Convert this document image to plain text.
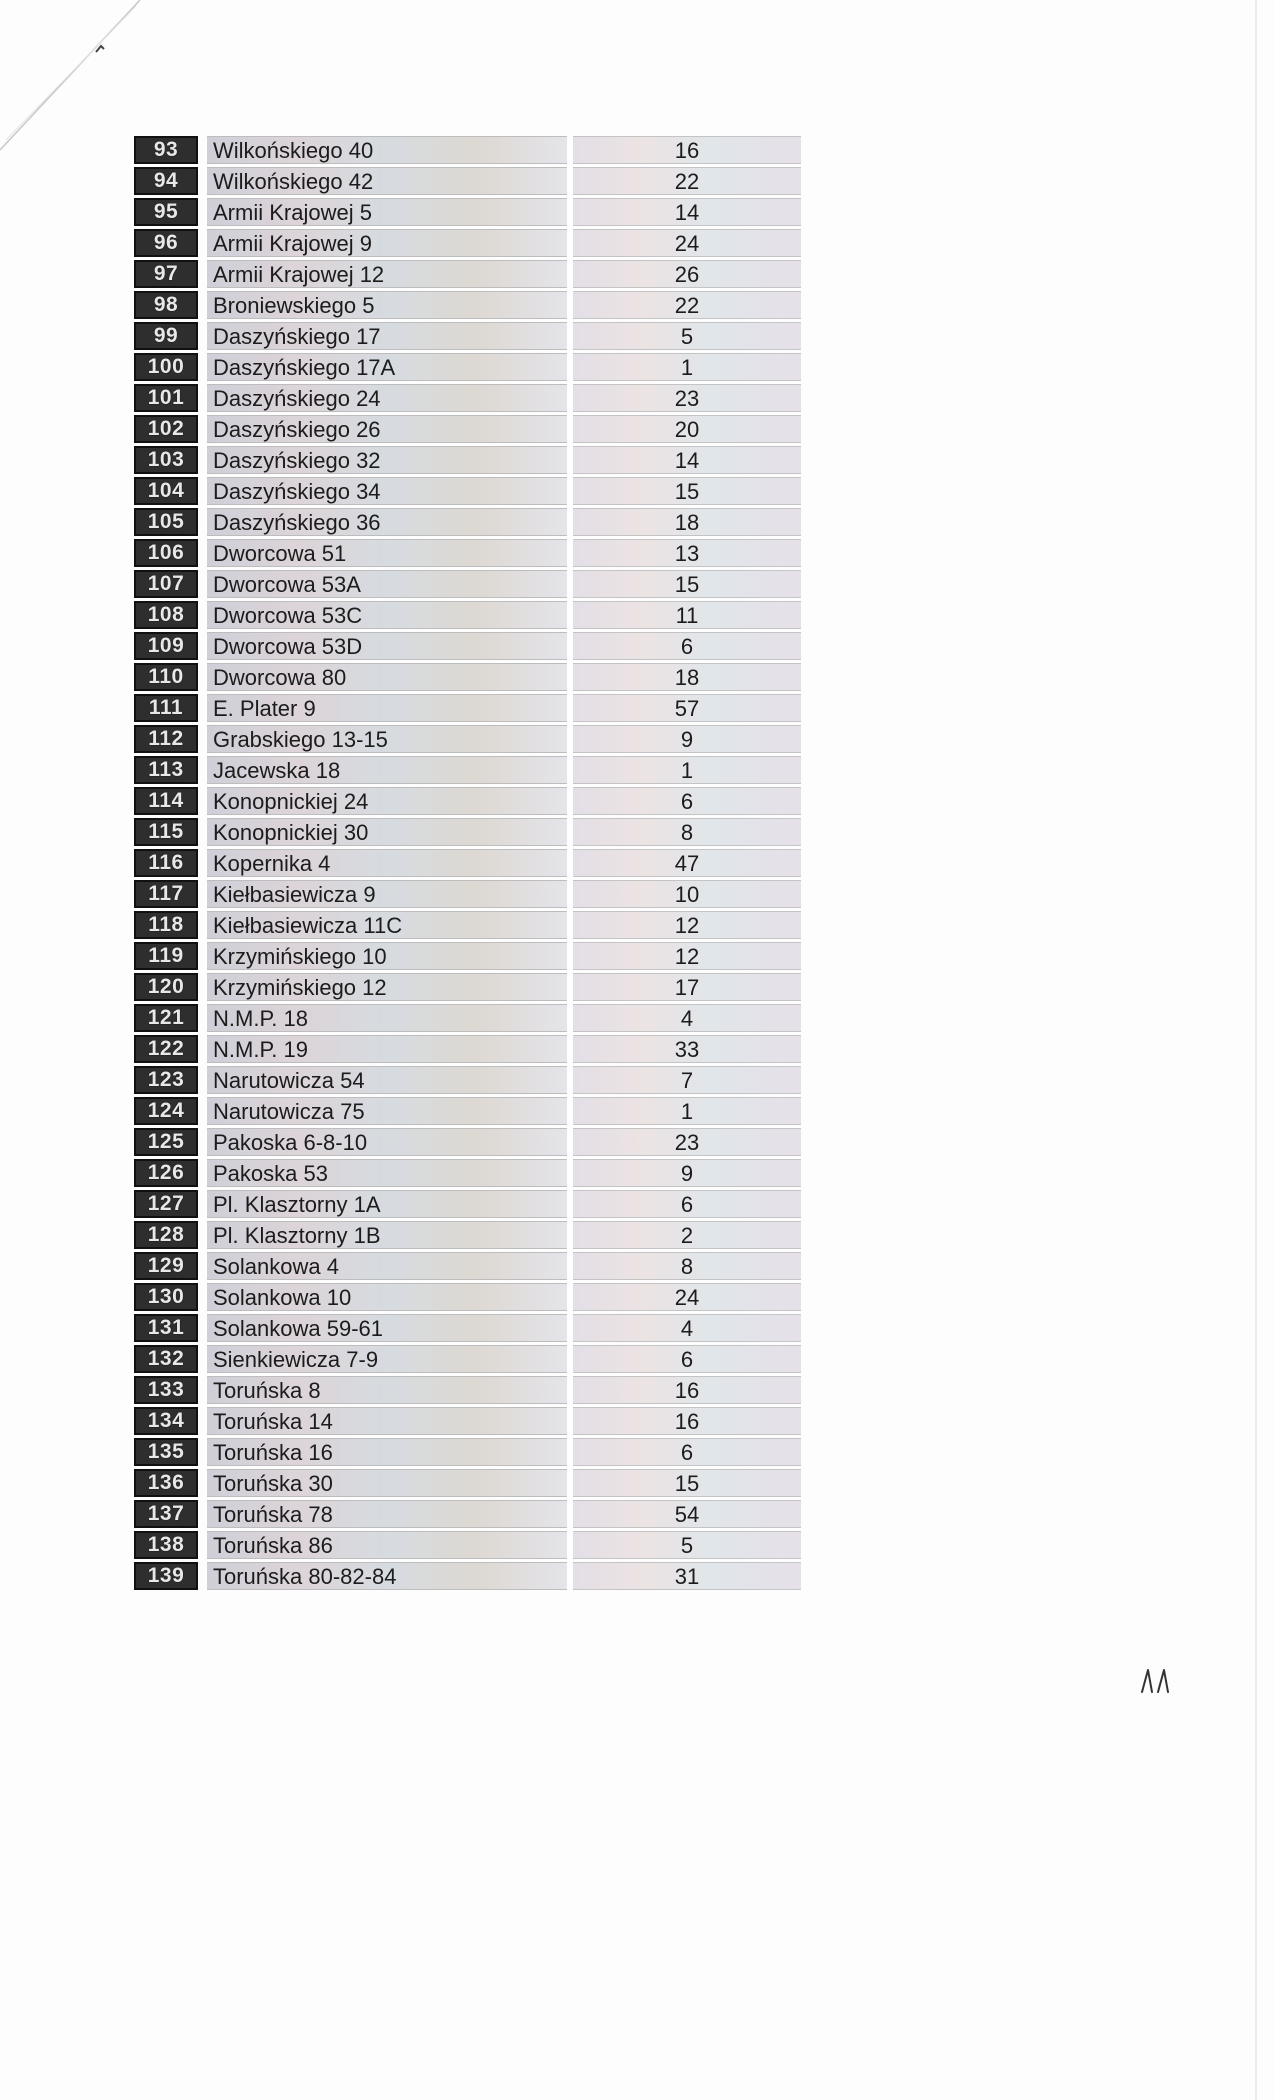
93	Wilkońskiego 40	16
94	Wilkońskiego 42	22
95	Armii Krajowej 5	14
96	Armii Krajowej 9	24
97	Armii Krajowej 12	26
98	Broniewskiego 5	22
99	Daszyńskiego 17	5
100	Daszyńskiego 17A	1
101	Daszyńskiego 24	23
102	Daszyńskiego 26	20
103	Daszyńskiego 32	14
104	Daszyńskiego 34	15
105	Daszyńskiego 36	18
106	Dworcowa 51	13
107	Dworcowa 53A	15
108	Dworcowa 53C	11
109	Dworcowa 53D	6
110	Dworcowa 80	18
111	E. Plater 9	57
112	Grabskiego 13-15	9
113	Jacewska 18	1
114	Konopnickiej 24	6
115	Konopnickiej 30	8
116	Kopernika 4	47
117	Kiełbasiewicza 9	10
118	Kiełbasiewicza 11C	12
119	Krzymińskiego 10	12
120	Krzymińskiego 12	17
121	N.M.P. 18	4
122	N.M.P. 19	33
123	Narutowicza 54	7
124	Narutowicza 75	1
125	Pakoska 6-8-10	23
126	Pakoska 53	9
127	Pl. Klasztorny 1A	6
128	Pl. Klasztorny 1B	2
129	Solankowa 4	8
130	Solankowa 10	24
131	Solankowa 59-61	4
132	Sienkiewicza 7-9	6
133	Toruńska 8	16
134	Toruńska 14	16
135	Toruńska 16	6
136	Toruńska 30	15
137	Toruńska 78	54
138	Toruńska 86	5
139	Toruńska 80-82-84	31
